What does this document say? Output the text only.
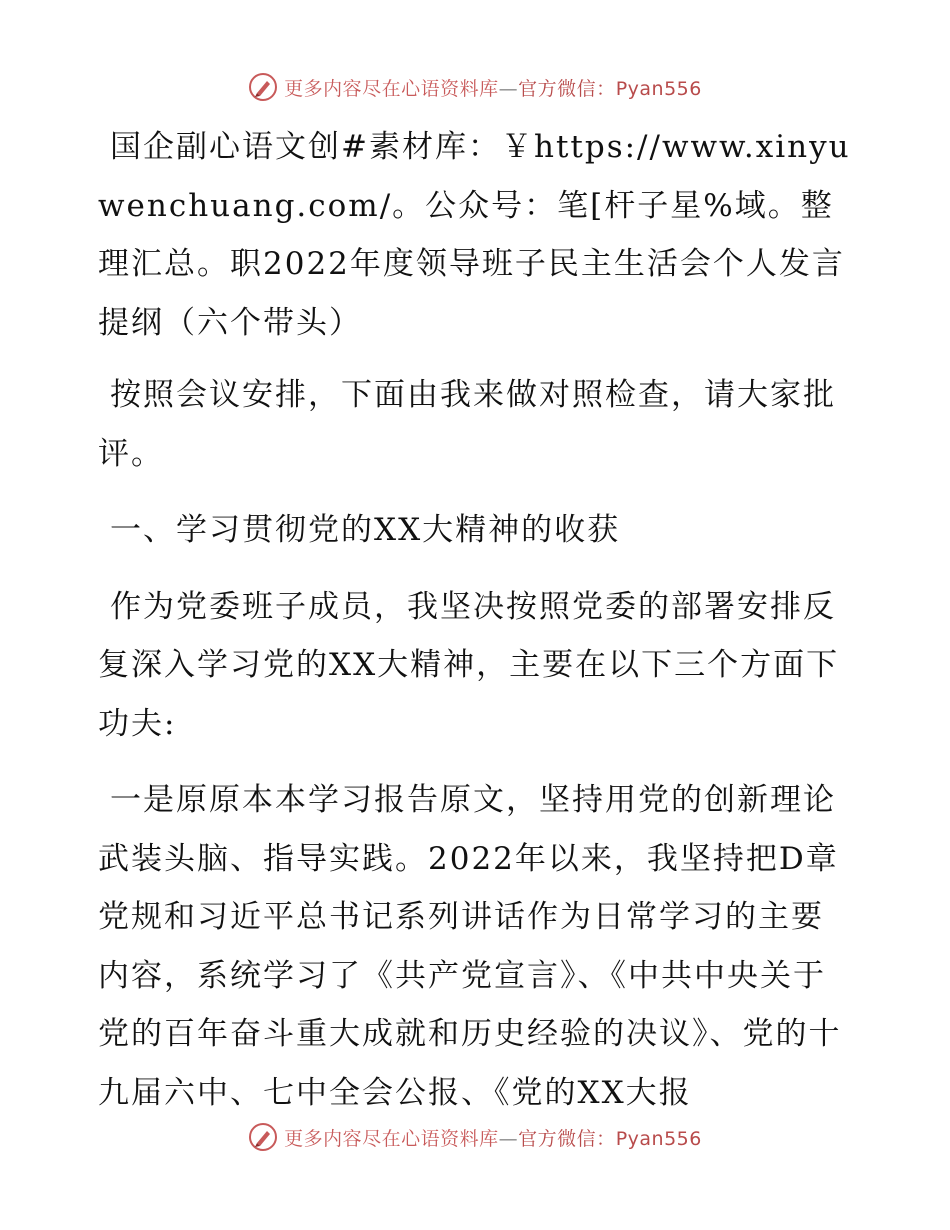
更多内容尽在心语资料库—官方微信：Pyan556

国企副心语文创#素材库：￥https://www.xinyuwenchuang.com/。公众号：笔[杆子星%域。整理汇总。职2022年度领导班子民主生活会个人发言提纲（六个带头）

按照会议安排，下面由我来做对照检查，请大家批评。

一、学习贯彻党的XX大精神的收获

作为党委班子成员，我坚决按照党委的部署安排反复深入学习党的XX大精神，主要在以下三个方面下功夫:

一是原原本本学习报告原文，坚持用党的创新理论武装头脑、指导实践。2022年以来，我坚持把D章党规和习近平总书记系列讲话作为日常学习的主要内容，系统学习了《共产党宣言》、《中共中央关于党的百年奋斗重大成就和历史经验的决议》、党的十九届六中、七中全会公报、《党的XX大报

更多内容尽在心语资料库—官方微信：Pyan556
